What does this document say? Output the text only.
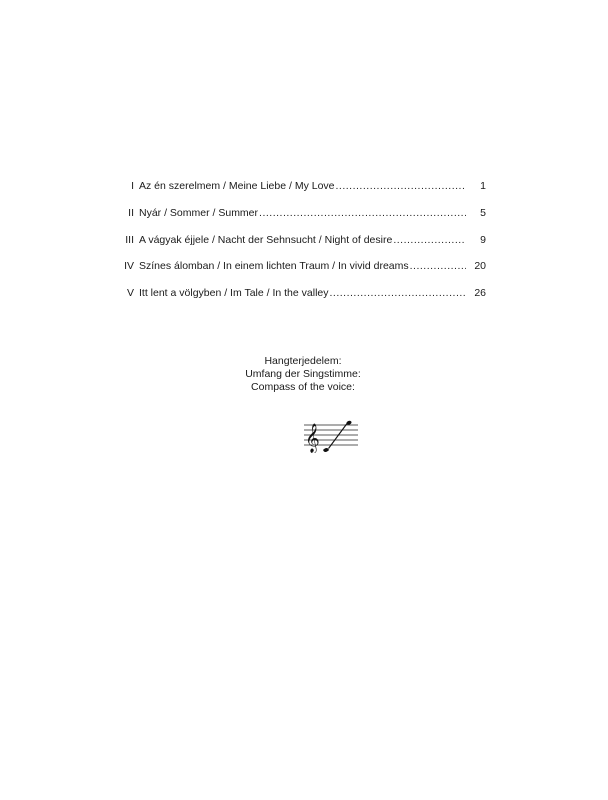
I Az én szerelmem / Meine Liebe / My Love .....	1
II Nyár / Sommer / Summer .....	5
III A vágyak éjjele / Nacht der Sehnsucht / Night of desire .....	9
IV Színes álomban / In einem lichten Traum / In vivid dreams .....	20
V Itt lent a völgyben / Im Tale / In the valley .....	26
Hangterjedelem:
Umfang der Singstimme:
Compass of the voice:
𝄞
